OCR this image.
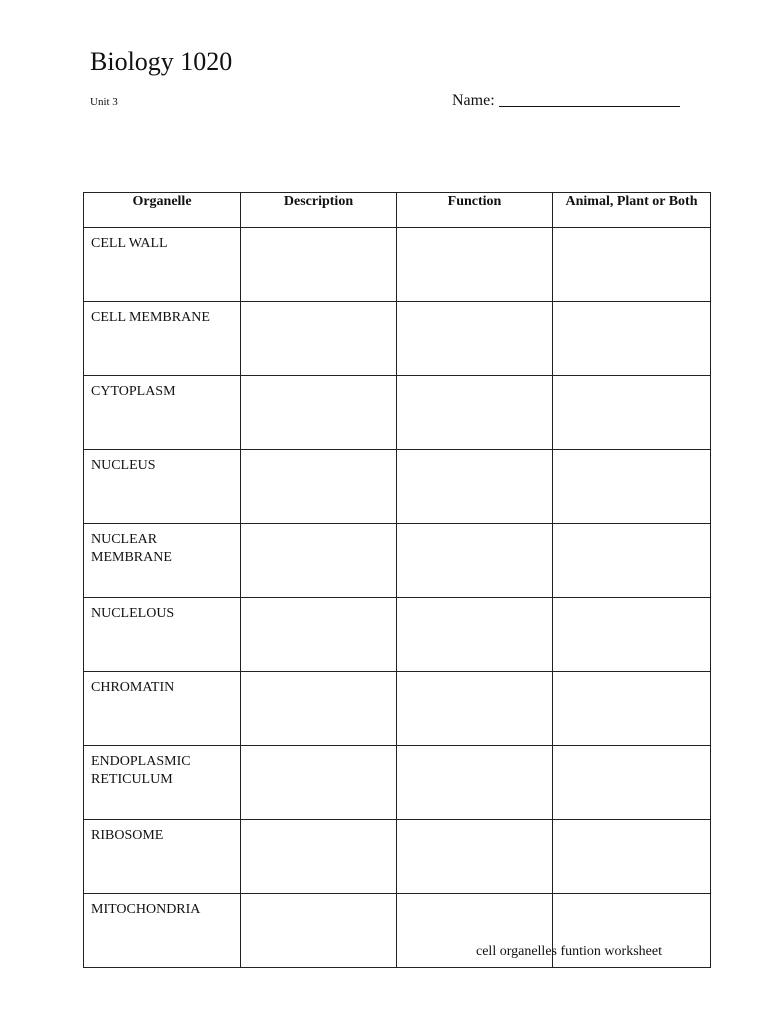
Biology 1020
Unit 3	Name:
Organelle	Description	Function	Animal, Plant or Both
CELL WALL			
CELL MEMBRANE			
CYTOPLASM			
NUCLEUS			
NUCLEAR MEMBRANE			
NUCLELOUS			
CHROMATIN			
ENDOPLASMIC RETICULUM			
RIBOSOME			
MITOCHONDRIA			
cell organelles funtion worksheet
